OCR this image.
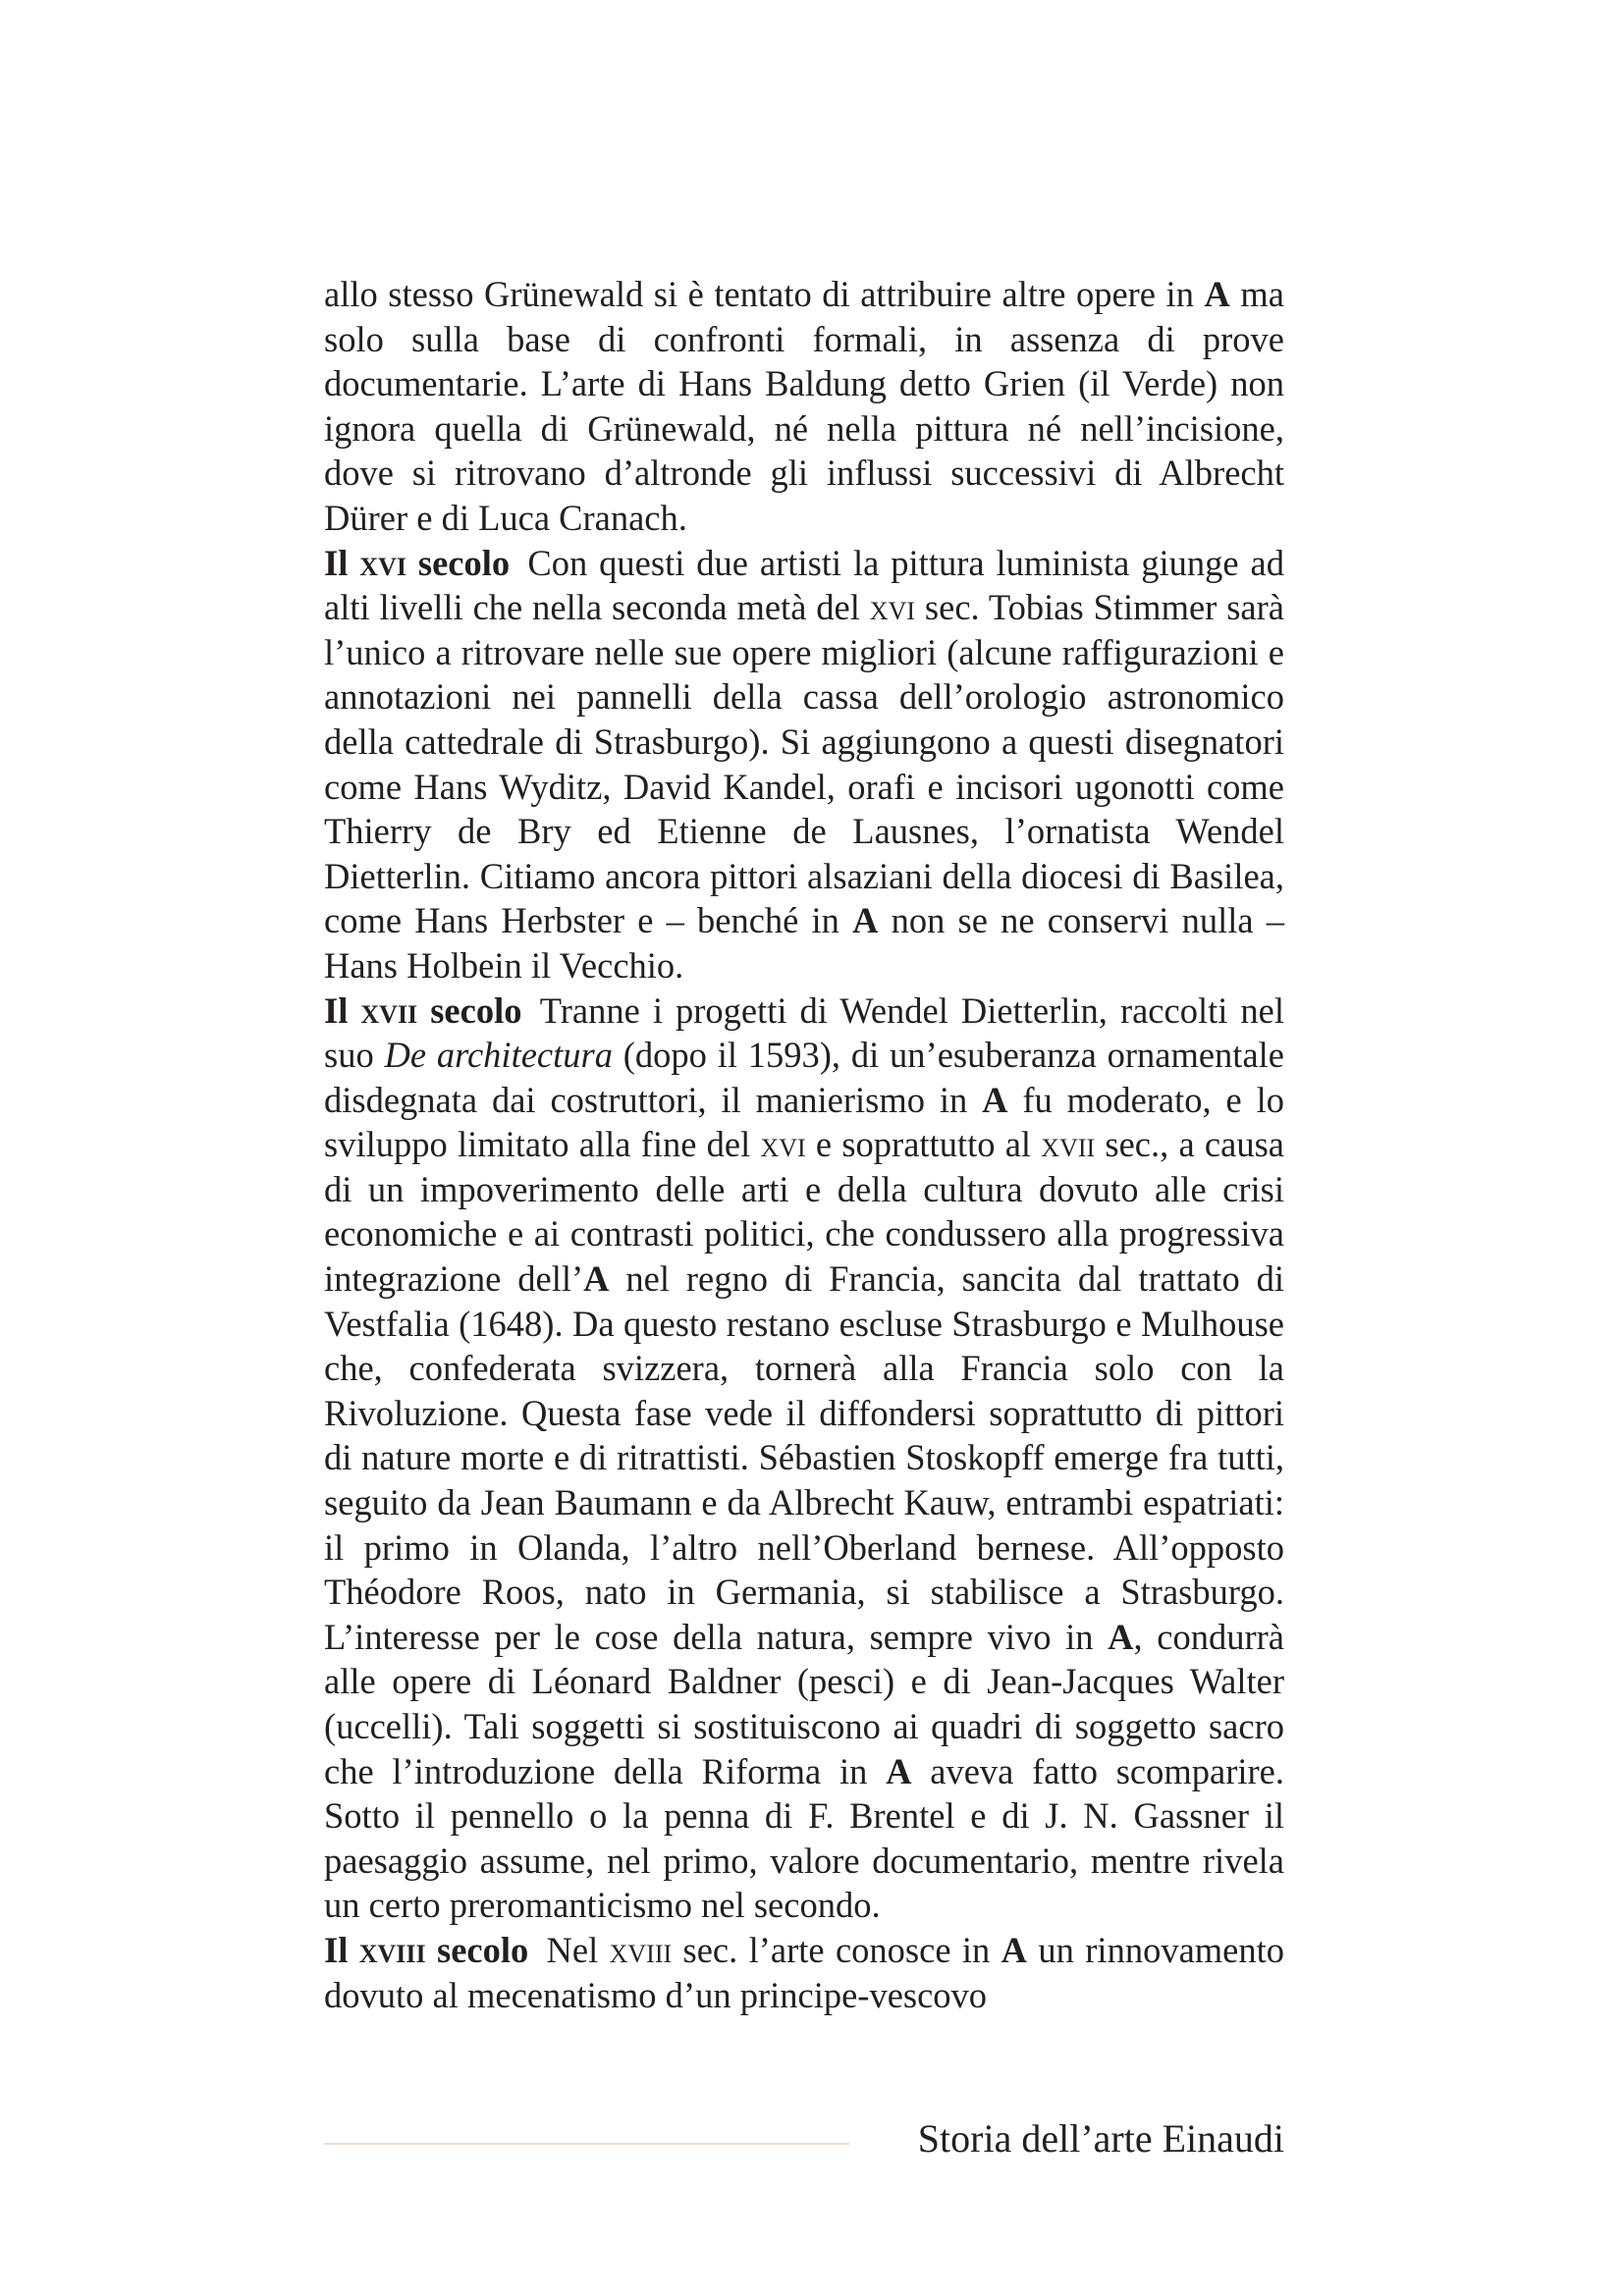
allo stesso Grünewald si è tentato di attribuire altre opere in A ma solo sulla base di confronti formali, in assenza di prove documentarie. L’arte di Hans Baldung detto Grien (il Verde) non ignora quella di Grünewald, né nella pittura né nell’incisione, dove si ritrovano d’altronde gli influssi successivi di Albrecht Dürer e di Luca Cranach.

Il xvi secolo  Con questi due artisti la pittura luminista giunge ad alti livelli che nella seconda metà del xvi sec. Tobias Stimmer sarà l’unico a ritrovare nelle sue opere migliori (alcune raffigurazioni e annotazioni nei pannelli della cassa dell’orologio astronomico della cattedrale di Strasburgo). Si aggiungono a questi disegnatori come Hans Wyditz, David Kandel, orafi e incisori ugonotti come Thierry de Bry ed Etienne de Lausnes, l’ornatista Wendel Dietterlin. Citiamo ancora pittori alsaziani della diocesi di Basilea, come Hans Herbster e – benché in A non se ne conservi nulla – Hans Holbein il Vecchio.

Il xvii secolo  Tranne i progetti di Wendel Dietterlin, raccolti nel suo De architectura (dopo il 1593), di un’esuberanza ornamentale disdegnata dai costruttori, il manierismo in A fu moderato, e lo sviluppo limitato alla fine del xvi e soprattutto al xvii sec., a causa di un impoverimento delle arti e della cultura dovuto alle crisi economiche e ai contrasti politici, che condussero alla progressiva integrazione dell’A nel regno di Francia, sancita dal trattato di Vestfalia (1648). Da questo restano escluse Strasburgo e Mulhouse che, confederata svizzera, tornerà alla Francia solo con la Rivoluzione. Questa fase vede il diffondersi soprattutto di pittori di nature morte e di ritrattisti. Sébastien Stoskopff emerge fra tutti, seguito da Jean Baumann e da Albrecht Kauw, entrambi espatriati: il primo in Olanda, l’altro nell’Oberland bernese. All’opposto Théodore Roos, nato in Germania, si stabilisce a Strasburgo. L’interesse per le cose della natura, sempre vivo in A, condurrà alle opere di Léonard Baldner (pesci) e di Jean-Jacques Walter (uccelli). Tali soggetti si sostituiscono ai quadri di soggetto sacro che l’introduzione della Riforma in A aveva fatto scomparire. Sotto il pennello o la penna di F. Brentel e di J. N. Gassner il paesaggio assume, nel primo, valore documentario, mentre rivela un certo preromanticismo nel secondo.

Il xviii secolo  Nel xviii sec. l’arte conosce in A un rinnovamento dovuto al mecenatismo d’un principe-vescovo

Storia dell’arte Einaudi
